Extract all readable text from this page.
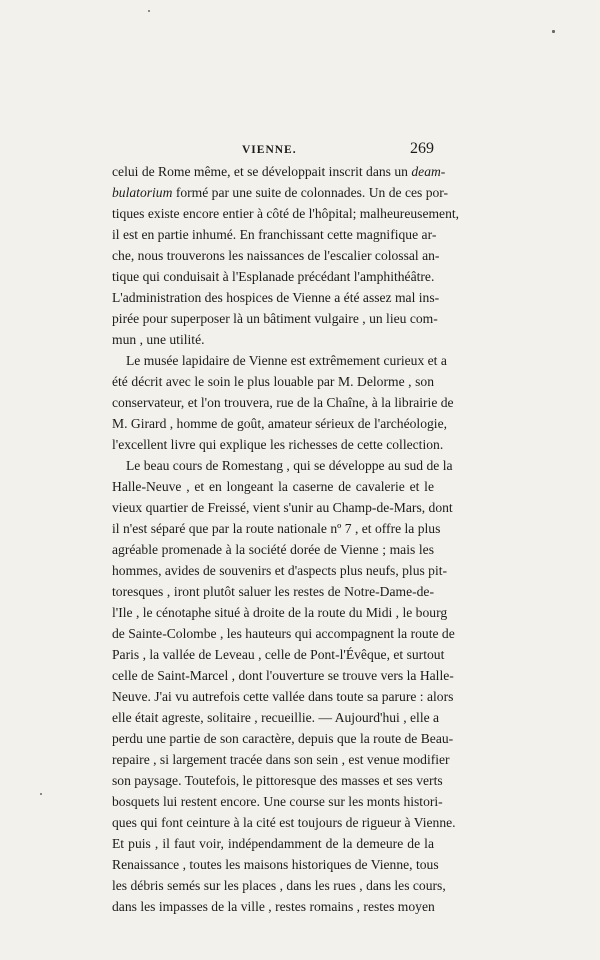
VIENNE.	269
celui de Rome même, et se développait inscrit dans un deam-
bulatorium formé par une suite de colonnades. Un de ces por-
tiques existe encore entier à côté de l'hôpital; malheureusement,
il est en partie inhumé. En franchissant cette magnifique ar-
che, nous trouverons les naissances de l'escalier colossal an-
tique qui conduisait à l'Esplanade précédant l'amphithéâtre.
L'administration des hospices de Vienne a été assez mal ins-
pirée pour superposer là un bâtiment vulgaire , un lieu com-
mun , une utilité.
Le musée lapidaire de Vienne est extrêmement curieux et a
été décrit avec le soin le plus louable par M. Delorme , son
conservateur, et l'on trouvera, rue de la Chaîne, à la librairie de
M. Girard , homme de goût, amateur sérieux de l'archéologie,
l'excellent livre qui explique les richesses de cette collection.
Le beau cours de Romestang , qui se développe au sud de la
Halle-Neuve , et en longeant la caserne de cavalerie et le
vieux quartier de Freissé, vient s'unir au Champ-de-Mars, dont
il n'est séparé que par la route nationale nº 7 , et offre la plus
agréable promenade à la société dorée de Vienne ; mais les
hommes, avides de souvenirs et d'aspects plus neufs, plus pit-
toresques , iront plutôt saluer les restes de Notre-Dame-de-
l'Ile , le cénotaphe situé à droite de la route du Midi , le bourg
de Sainte-Colombe , les hauteurs qui accompagnent la route de
Paris , la vallée de Leveau , celle de Pont-l'Évêque, et surtout
celle de Saint-Marcel , dont l'ouverture se trouve vers la Halle-
Neuve. J'ai vu autrefois cette vallée dans toute sa parure : alors
elle était agreste, solitaire , recueillie. — Aujourd'hui , elle a
perdu une partie de son caractère, depuis que la route de Beau-
repaire , si largement tracée dans son sein , est venue modifier
son paysage. Toutefois, le pittoresque des masses et ses verts
bosquets lui restent encore. Une course sur les monts histori-
ques qui font ceinture à la cité est toujours de rigueur à Vienne.
Et puis , il faut voir, indépendamment de la demeure de la
Renaissance , toutes les maisons historiques de Vienne, tous
les débris semés sur les places , dans les rues , dans les cours,
dans les impasses de la ville , restes romains , restes moyen
